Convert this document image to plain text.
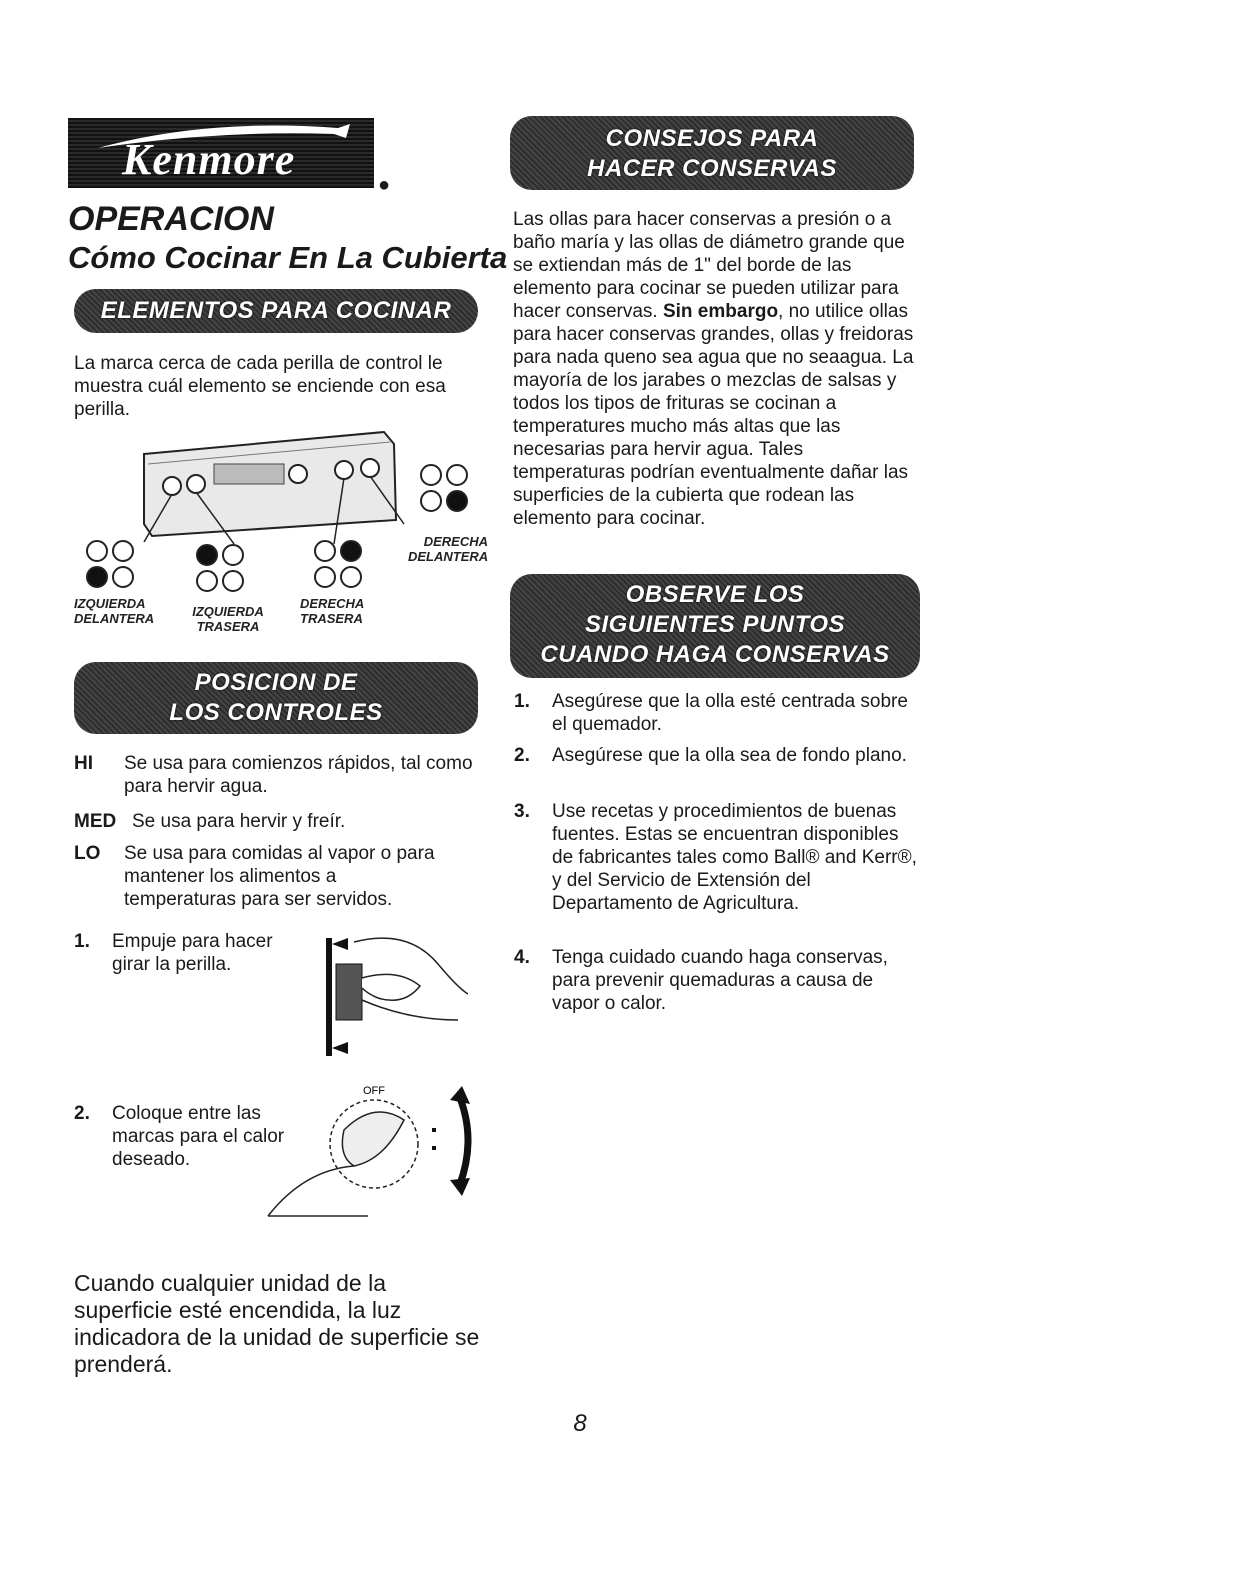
Kenmore
●
OPERACION
Cómo Cocinar En La Cubierta
ELEMENTOS PARA COCINAR
La marca cerca de cada perilla de control le muestra cuál elemento se enciende con esa perilla.
DERECHA
DELANTERA
IZQUIERDA
DELANTERA	IZQUIERDA
TRASERA
DERECHA
TRASERA
POSICION DE
LOS CONTROLES
HI Se usa para comienzos rápidos, tal como para hervir agua.
MED Se usa para hervir y freír.
LO Se usa para comidas al vapor o para mantener los alimentos a temperaturas para ser servidos.
1. Empuje para hacer girar la perilla.
2. Coloque entre las marcas para el calor deseado.
OFF
Cuando cualquier unidad de la superficie esté encendida, la luz indicadora de la unidad de superficie se prenderá.
CONSEJOS PARA
HACER CONSERVAS
Las ollas para hacer conservas a presión o a baño maría y las ollas de diámetro grande que se extiendan más de 1" del borde de las elemento para cocinar se pueden utilizar para hacer conservas. Sin embargo, no utilice ollas para hacer conservas grandes, ollas y freidoras para nada queno sea agua que no seaagua. La mayoría de los jarabes o mezclas de salsas y todos los tipos de frituras se cocinan a temperatures mucho más altas que las necesarias para hervir agua. Tales temperaturas podrían eventualmente dañar las superficies de la cubierta que rodean las elemento para cocinar.
OBSERVE LOS
SIGUIENTES PUNTOS
CUANDO HAGA CONSERVAS
1. Asegúrese que la olla esté centrada sobre el quemador.
2. Asegúrese que la olla sea de fondo plano.
3. Use recetas y procedimientos de buenas fuentes. Estas se encuentran disponibles de fabricantes tales como Ball® and Kerr®, y del Servicio de Extensión del Departamento de Agricultura.
4. Tenga cuidado cuando haga conservas, para prevenir quemaduras a causa de vapor o calor.
8
